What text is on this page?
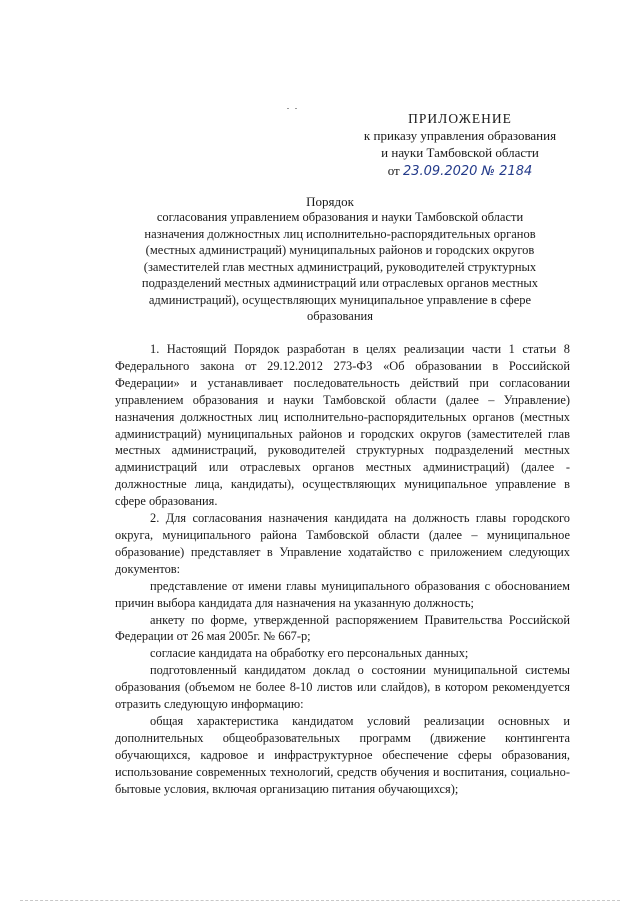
ПРИЛОЖЕНИЕ
к приказу управления образования
и науки Тамбовской области
от 23.09.2020 № 2184
Порядок
согласования управлением образования и науки Тамбовской области назначения должностных лиц исполнительно-распорядительных органов (местных администраций) муниципальных районов и городских округов (заместителей глав местных администраций, руководителей структурных подразделений местных администраций или отраслевых органов местных администраций), осуществляющих муниципальное управление в сфере образования

1. Настоящий Порядок разработан в целях реализации части 1 статьи 8 Федерального закона от 29.12.2012 273-ФЗ «Об образовании в Российской Федерации» и устанавливает последовательность действий при согласовании управлением образования и науки Тамбовской области (далее – Управление) назначения должностных лиц исполнительно-распорядительных органов (местных администраций) муниципальных районов и городских округов (заместителей глав местных администраций, руководителей структурных подразделений местных администраций или отраслевых органов местных администраций) (далее - должностные лица, кандидаты), осуществляющих муниципальное управление в сфере образования.

2. Для согласования назначения кандидата на должность главы городского округа, муниципального района Тамбовской области (далее – муниципальное образование) представляет в Управление ходатайство с приложением следующих документов:

представление от имени главы муниципального образования с обоснованием причин выбора кандидата для назначения на указанную должность;

анкету по форме, утвержденной распоряжением Правительства Российской Федерации от 26 мая 2005г. № 667-р;

согласие кандидата на обработку его персональных данных;

подготовленный кандидатом доклад о состоянии муниципальной системы образования (объемом не более 8-10 листов или слайдов), в котором рекомендуется отразить следующую информацию:

общая характеристика кандидатом условий реализации основных и дополнительных общеобразовательных программ (движение контингента обучающихся, кадровое и инфраструктурное обеспечение сферы образования, использование современных технологий, средств обучения и воспитания, социально-бытовые условия, включая организацию питания обучающихся);
